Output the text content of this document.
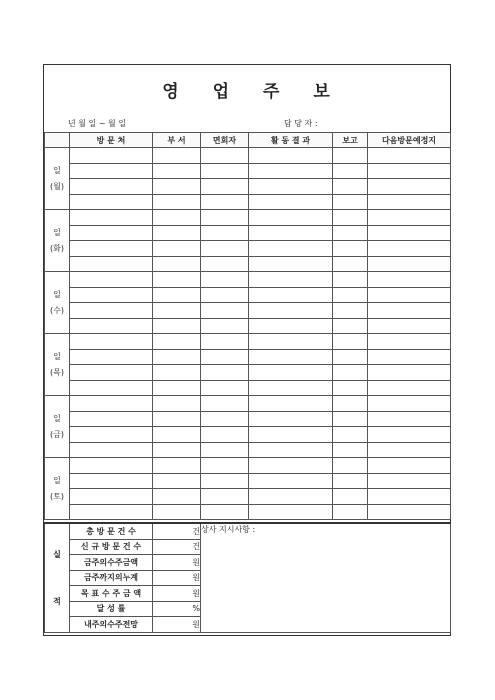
영 업 주 보
년 월 일 ~ 월 일	담 당 자 :
	방 문 처	부 서	면회자	활 동 결 과	보고	다음방문예정지

일
(월)						

일
(화)						

일
(수)						

일
(목)						

일
(금)						

일
(토)						

실
적	총 방 문 건 수	건	상사 지시사항 :
	신 규 방 문 건 수	건	
	금주의수주금액	원	
	금주까지의누계	원	
	목 표 수 주 금 액	원	
	달 성 률	%	
	내주의수주전망	원	
